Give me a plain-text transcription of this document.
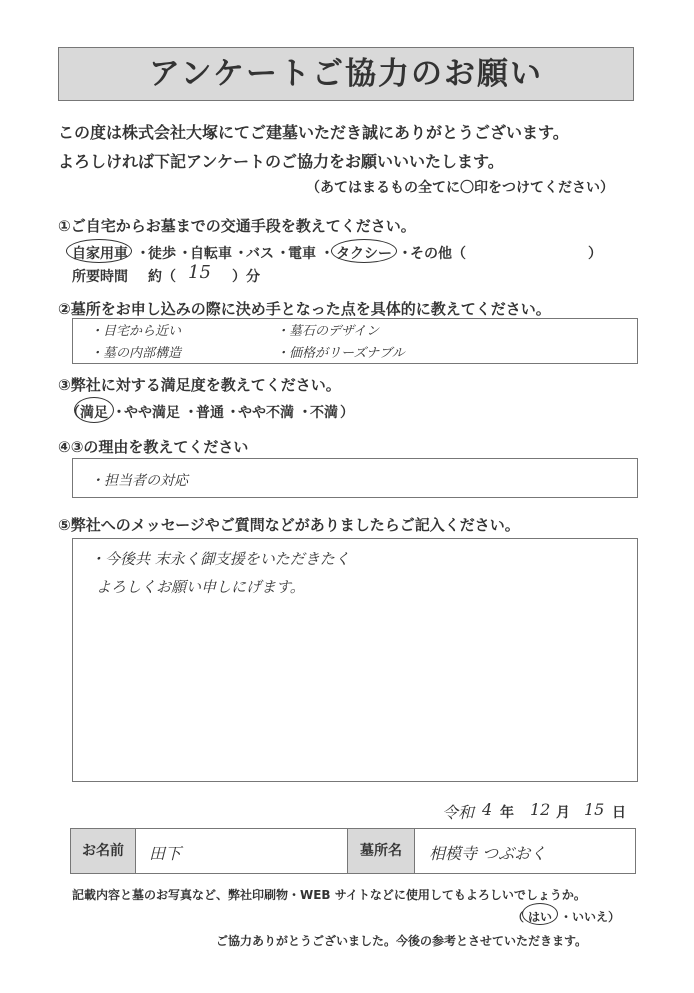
アンケートご協力のお願い
この度は株式会社大塚にてご建墓いただき誠にありがとうございます。
よろしければ下記アンケートのご協力をお願いいいたします。
（あてはまるもの全てに〇印をつけてください）
①ご自宅からお墓までの交通手段を教えてください。
自家用車 ・
徒歩 ・
自転車 ・
バス ・
電車 ・ タクシー ・
その他（	）
所要時間 約（ 15 ）分
②墓所をお申し込みの際に決め手となった点を具体的に教えてください。
・目宅から近い	・墓石のデザイン
・墓の内部構造	・価格がリーズナブル
③弊社に対する満足度を教えてください。
（ 満足 ・
やや満足 ・
普通 ・
やや不満 ・
不満 ）
④③の理由を教えてください
・担当者の対応
⑤弊社へのメッセージやご質問などがありましたらご記入ください。
・今後共 末永く御支援をいただきたく
よろしくお願い申しにげます。
令和 4 年 12 月 15 日
お名前	田下	墓所名	相模寺 つぶおく
記載内容と墓のお写真など、弊社印刷物・WEB サイトなどに使用してもよろしいでしょうか。
（ はい ・いいえ）
ご協力ありがとうございました。今後の参考とさせていただきます。
